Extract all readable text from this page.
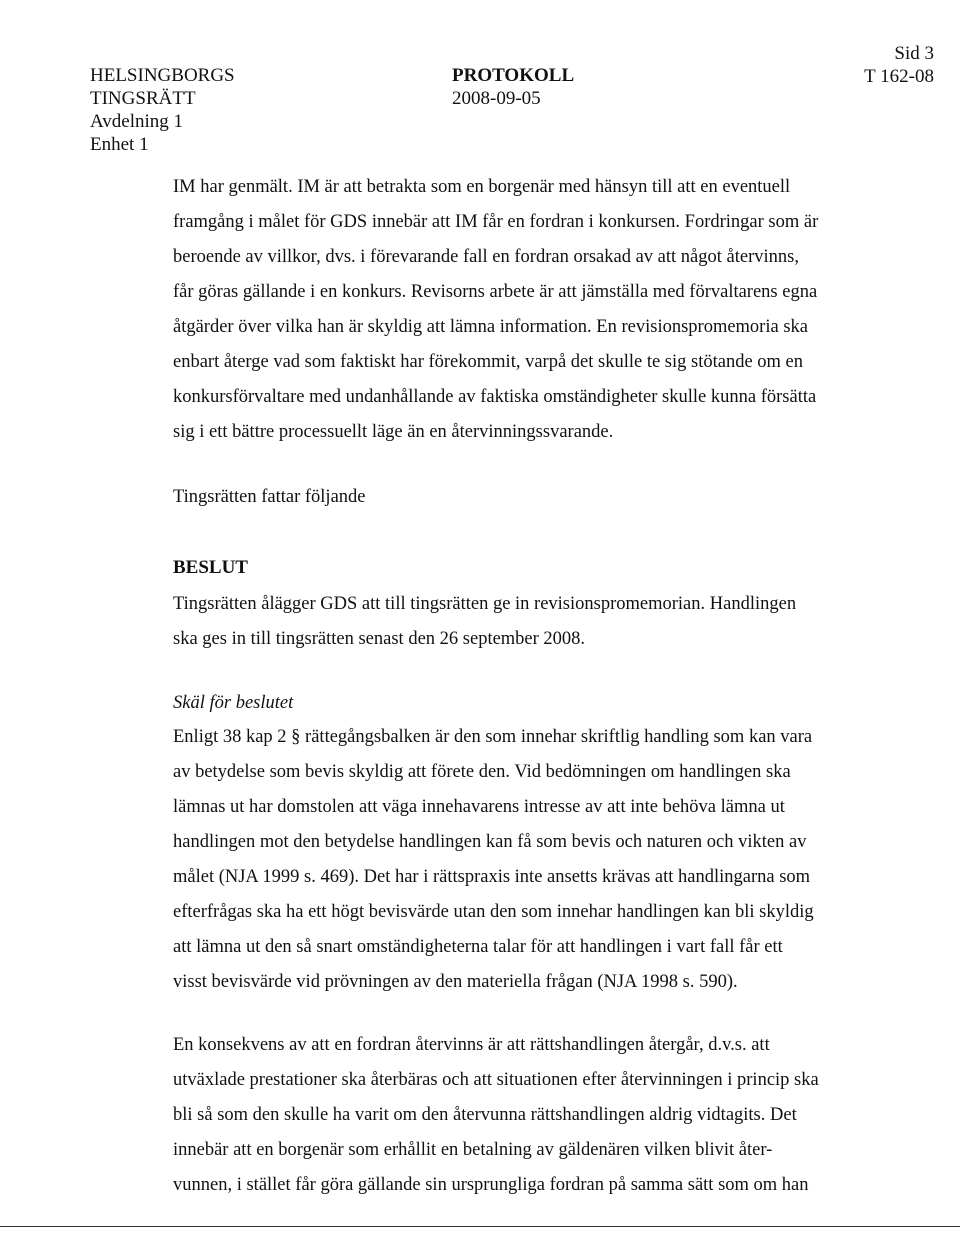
HELSINGBORGS
TINGSRÄTT
Avdelning 1
Enhet 1
PROTOKOLL
2008-09-05
Sid 3
T 162-08
IM har genmält. IM är att betrakta som en borgenär med hänsyn till att en eventuell
framgång i målet för GDS innebär att IM får en fordran i konkursen. Fordringar som är
beroende av villkor, dvs. i förevarande fall en fordran orsakad av att något återvinns,
får göras gällande i en konkurs. Revisorns arbete är att jämställa med förvaltarens egna
åtgärder över vilka han är skyldig att lämna information. En revisionspromemoria ska
enbart återge vad som faktiskt har förekommit, varpå det skulle te sig stötande om en
konkursförvaltare med undanhållande av faktiska omständigheter skulle kunna försätta
sig i ett bättre processuellt läge än en återvinningssvarande.
Tingsrätten fattar följande
BESLUT
Tingsrätten ålägger GDS att till tingsrätten ge in revisionspromemorian. Handlingen
ska ges in till tingsrätten senast den 26 september 2008.
Skäl för beslutet
Enligt 38 kap 2 § rättegångsbalken är den som innehar skriftlig handling som kan vara
av betydelse som bevis skyldig att förete den. Vid bedömningen om handlingen ska
lämnas ut har domstolen att väga innehavarens intresse av att inte behöva lämna ut
handlingen mot den betydelse handlingen kan få som bevis och naturen och vikten av
målet (NJA 1999 s. 469). Det har i rättspraxis inte ansetts krävas att handlingarna som
efterfrågas ska ha ett högt bevisvärde utan den som innehar handlingen kan bli skyldig
att lämna ut den så snart omständigheterna talar för att handlingen i vart fall får ett
visst bevisvärde vid prövningen av den materiella frågan (NJA 1998 s. 590).
En konsekvens av att en fordran återvinns är att rättshandlingen återgår, d.v.s. att
utväxlade prestationer ska återbäras och att situationen efter återvinningen i princip ska
bli så som den skulle ha varit om den återvunna rättshandlingen aldrig vidtagits. Det
innebär att en borgenär som erhållit en betalning av gäldenären vilken blivit åter-
vunnen, i stället får göra gällande sin ursprungliga fordran på samma sätt som om han
